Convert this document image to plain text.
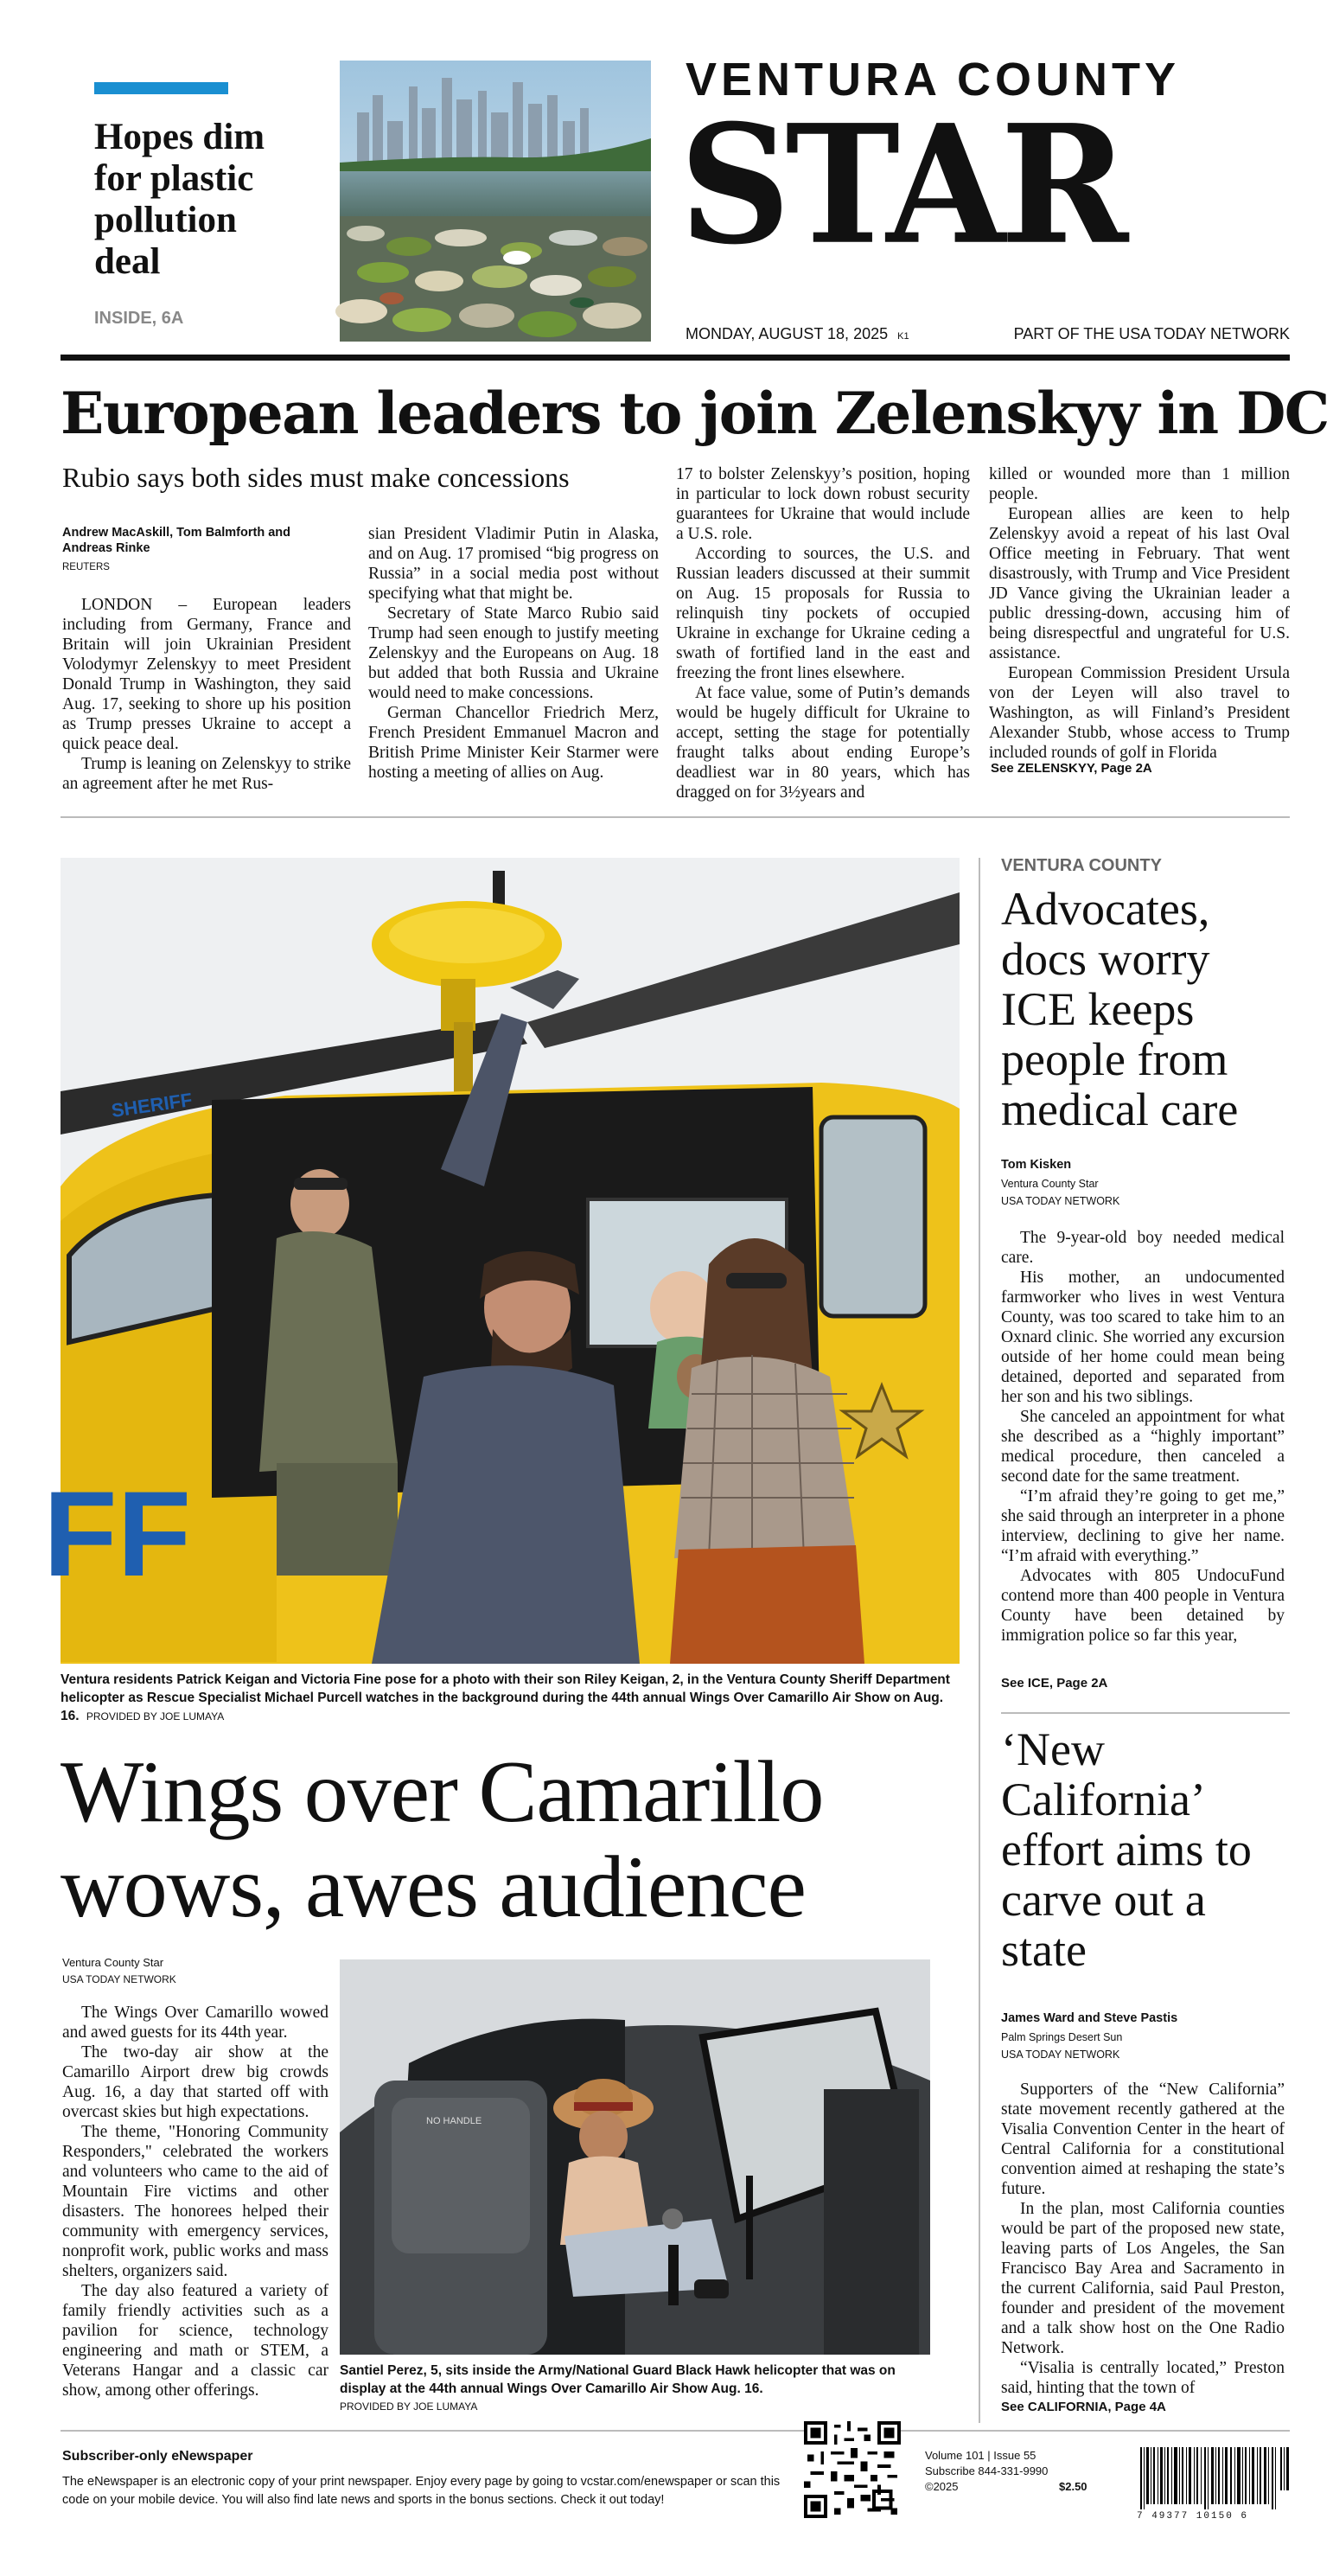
Hopes dim for plastic pollution deal
INSIDE, 6A
VENTURA COUNTY
STAR
MONDAY, AUGUST 18, 2025 K1	PART OF THE USA TODAY NETWORK
European leaders to join Zelenskyy in DC
Rubio says both sides must make concessions
Andrew MacAskill, Tom Balmforth and Andreas Rinke
REUTERS

LONDON – European leaders including from Germany, France and Britain will join Ukrainian President Volodymyr Zelenskyy to meet President Donald Trump in Washington, they said Aug. 17, seeking to shore up his position as Trump presses Ukraine to accept a quick peace deal.

Trump is leaning on Zelenskyy to strike an agreement after he met Rus-

sian President Vladimir Putin in Alaska, and on Aug. 17 promised “big progress on Russia” in a social media post without specifying what that might be.

Secretary of State Marco Rubio said Trump had seen enough to justify meeting Zelenskyy and the Europeans on Aug. 18 but added that both Russia and Ukraine would need to make concessions.

German Chancellor Friedrich Merz, French President Emmanuel Macron and British Prime Minister Keir Starmer were hosting a meeting of allies on Aug.

17 to bolster Zelenskyy’s position, hoping in particular to lock down robust security guarantees for Ukraine that would include a U.S. role.

According to sources, the U.S. and Russian leaders discussed at their summit on Aug. 15 proposals for Russia to relinquish tiny pockets of occupied Ukraine in exchange for Ukraine ceding a swath of fortified land in the east and freezing the front lines elsewhere.

At face value, some of Putin’s demands would be hugely difficult for Ukraine to accept, setting the stage for potentially fraught talks about ending Europe’s deadliest war in 80 years, which has dragged on for 3½years and

killed or wounded more than 1 million people.

European allies are keen to help Zelenskyy avoid a repeat of his last Oval Office meeting in February. That went disastrously, with Trump and Vice President JD Vance giving the Ukrainian leader a public dressing-down, accusing him of being disrespectful and ungrateful for U.S. assistance.

European Commission President Ursula von der Leyen will also travel to Washington, as will Finland’s President Alexander Stubb, whose access to Trump included rounds of golf in Florida

See ZELENSKYY, Page 2A
FF
SHERIFF
Ventura residents Patrick Keigan and Victoria Fine pose for a photo with their son Riley Keigan, 2, in the Ventura County Sheriff Department helicopter as Rescue Specialist Michael Purcell watches in the background during the 44th annual Wings Over Camarillo Air Show on Aug. 16. PROVIDED BY JOE LUMAYA
Wings over Camarillo wows, awes audience
Ventura County Star
USA TODAY NETWORK

The Wings Over Camarillo wowed and awed guests for its 44th year.

The two-day air show at the Camarillo Airport drew big crowds Aug. 16, a day that started off with overcast skies but high expectations.

The theme, "Honoring Community Responders," celebrated the workers and volunteers who came to the aid of Mountain Fire victims and other disasters. The honorees helped their community with emergency services, nonprofit work, public works and mass shelters, organizers said.

The day also featured a variety of family friendly activities such as a pavilion for science, technology engineering and math or STEM, a Veterans Hangar and a classic car show, among other offerings.

NO HANDLE
Santiel Perez, 5, sits inside the Army/National Guard Black Hawk helicopter that was on display at the 44th annual Wings Over Camarillo Air Show Aug. 16.
PROVIDED BY JOE LUMAYA
VENTURA COUNTY
Advocates, docs worry ICE keeps people from medical care
Tom Kisken
Ventura County Star
USA TODAY NETWORK

The 9-year-old boy needed medical care.

His mother, an undocumented farmworker who lives in west Ventura County, was too scared to take him to an Oxnard clinic. She worried any excursion outside of her home could mean being detained, deported and separated from her son and his two siblings.

She canceled an appointment for what she described as a “highly important” medical procedure, then canceled a second date for the same treatment.

“I’m afraid they’re going to get me,” she said through an interpreter in a phone interview, declining to give her name. “I’m afraid with everything.”

Advocates with 805 UndocuFund contend more than 400 people in Ventura County have been detained by immigration police so far this year,

See ICE, Page 2A
‘New California’ effort aims to carve out a state
James Ward and Steve Pastis
Palm Springs Desert Sun
USA TODAY NETWORK

Supporters of the “New California” state movement recently gathered at the Visalia Convention Center in the heart of Central California for a constitutional convention aimed at reshaping the state’s future.

In the plan, most California counties would be part of the proposed new state, leaving parts of Los Angeles, the San Francisco Bay Area and Sacramento in the current California, said Paul Preston, founder and president of the movement and a talk show host on the One Radio Network.

“Visalia is centrally located,” Preston said, hinting that the town of

See CALIFORNIA, Page 4A
Subscriber-only eNewspaper
The eNewspaper is an electronic copy of your print newspaper. Enjoy every page by going to vcstar.com/enewspaper or scan this code on your mobile device. You will also find late news and sports in the bonus sections. Check it out today!
Volume 101 | Issue 55
Subscribe 844-331-9990
©2025	$2.50
7 49377 10150 6
